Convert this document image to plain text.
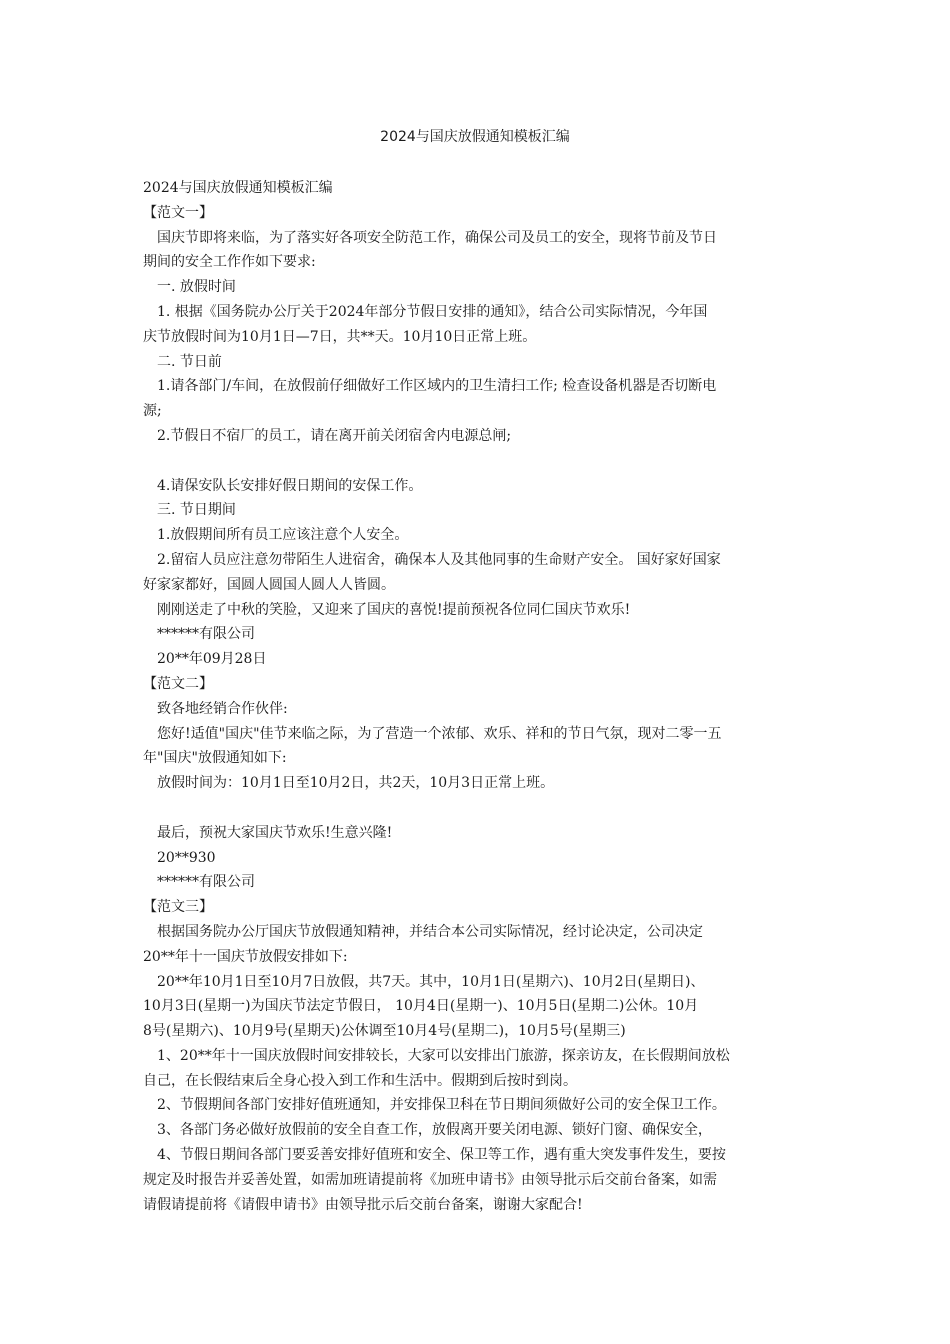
2024与国庆放假通知模板汇编
2024与国庆放假通知模板汇编
【范文一】
　国庆节即将来临，为了落实好各项安全防范工作，确保公司及员工的安全，现将节前及节日
期间的安全工作作如下要求:
　一. 放假时间
　1. 根据《国务院办公厅关于2024年部分节假日安排的通知》，结合公司实际情况，今年国
庆节放假时间为10月1日—7日，共**天。10月10日正常上班。
　二. 节日前
　1.请各部门/车间，在放假前仔细做好工作区域内的卫生清扫工作; 检查设备机器是否切断电
源;
　2.节假日不宿厂的员工，请在离开前关闭宿舍内电源总闸;
　4.请保安队长安排好假日期间的安保工作。
　三. 节日期间
　1.放假期间所有员工应该注意个人安全。
　2.留宿人员应注意勿带陌生人进宿舍，确保本人及其他同事的生命财产安全。 国好家好国家
好家家都好，国圆人圆国人圆人人皆圆。
　刚刚送走了中秋的笑脸，又迎来了国庆的喜悦!提前预祝各位同仁国庆节欢乐!
　******有限公司
　20**年09月28日
【范文二】
　致各地经销合作伙伴:
　您好!适值"国庆"佳节来临之际，为了营造一个浓郁、欢乐、祥和的节日气氛，现对二零一五
年"国庆"放假通知如下:
　放假时间为：10月1日至10月2日，共2天，10月3日正常上班。
　最后，预祝大家国庆节欢乐!生意兴隆!
　20**930
　******有限公司
【范文三】
　根据国务院办公厅国庆节放假通知精神，并结合本公司实际情况，经讨论决定，公司决定
20**年十一国庆节放假安排如下:
　20**年10月1日至10月7日放假，共7天。其中，10月1日(星期六)、10月2日(星期日)、
10月3日(星期一)为国庆节法定节假日， 10月4日(星期一)、10月5日(星期二)公休。10月
8号(星期六)、10月9号(星期天)公休调至10月4号(星期二)，10月5号(星期三)
　1、20**年十一国庆放假时间安排较长，大家可以安排出门旅游，探亲访友，在长假期间放松
自己，在长假结束后全身心投入到工作和生活中。假期到后按时到岗。
　2、节假期间各部门安排好值班通知，并安排保卫科在节日期间须做好公司的安全保卫工作。
　3、各部门务必做好放假前的安全自查工作，放假离开要关闭电源、锁好门窗、确保安全，
　4、节假日期间各部门要妥善安排好值班和安全、保卫等工作，遇有重大突发事件发生，要按
规定及时报告并妥善处置，如需加班请提前将《加班申请书》由领导批示后交前台备案，如需
请假请提前将《请假申请书》由领导批示后交前台备案，谢谢大家配合!
